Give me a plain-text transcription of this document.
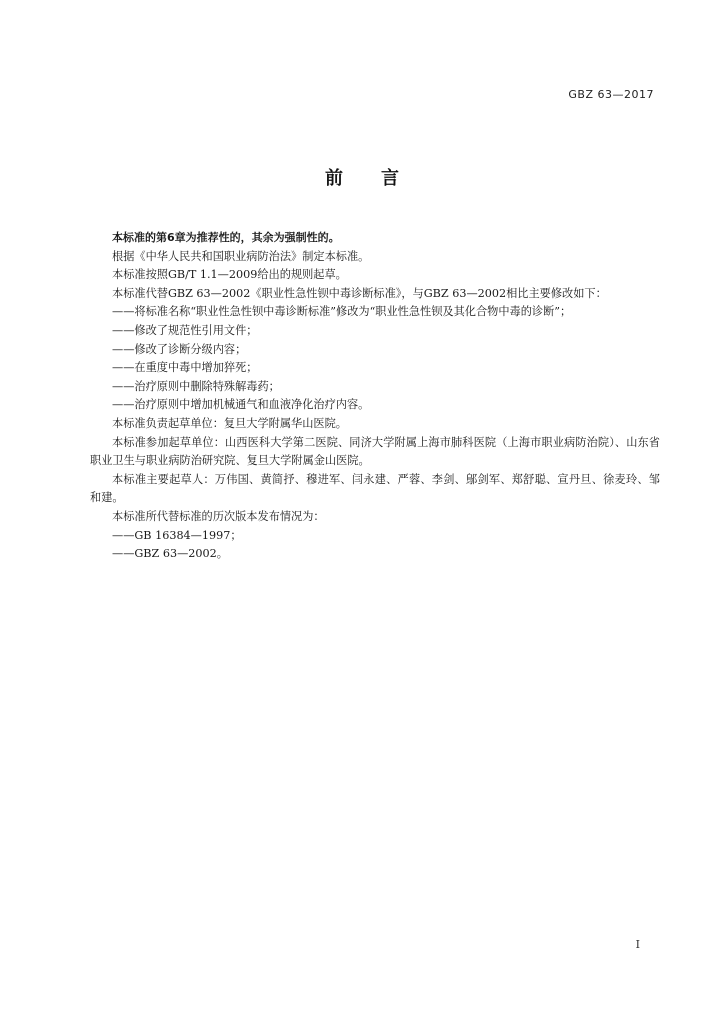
GBZ 63—2017
前言

本标准的第6章为推荐性的，其余为强制性的。

根据《中华人民共和国职业病防治法》制定本标准。

本标准按照GB/T 1.1—2009给出的规则起草。

本标准代替GBZ 63—2002《职业性急性钡中毒诊断标准》，与GBZ 63—2002相比主要修改如下：

——将标准名称“职业性急性钡中毒诊断标准”修改为“职业性急性钡及其化合物中毒的诊断”；

——修改了规范性引用文件；

——修改了诊断分级内容；

——在重度中毒中增加猝死；

——治疗原则中删除特殊解毒药；

——治疗原则中增加机械通气和血液净化治疗内容。

本标准负责起草单位：复旦大学附属华山医院。

本标准参加起草单位：山西医科大学第二医院、同济大学附属上海市肺科医院（上海市职业病防治院）、山东省职业卫生与职业病防治研究院、复旦大学附属金山医院。

本标准主要起草人：万伟国、黄简抒、穆进军、闫永建、严蓉、李剑、鄔剑军、郑舒聪、宣丹旦、徐麦玲、邹和建。

本标准所代替标准的历次版本发布情况为：

——GB 16384—1997；

——GBZ 63—2002。

I
